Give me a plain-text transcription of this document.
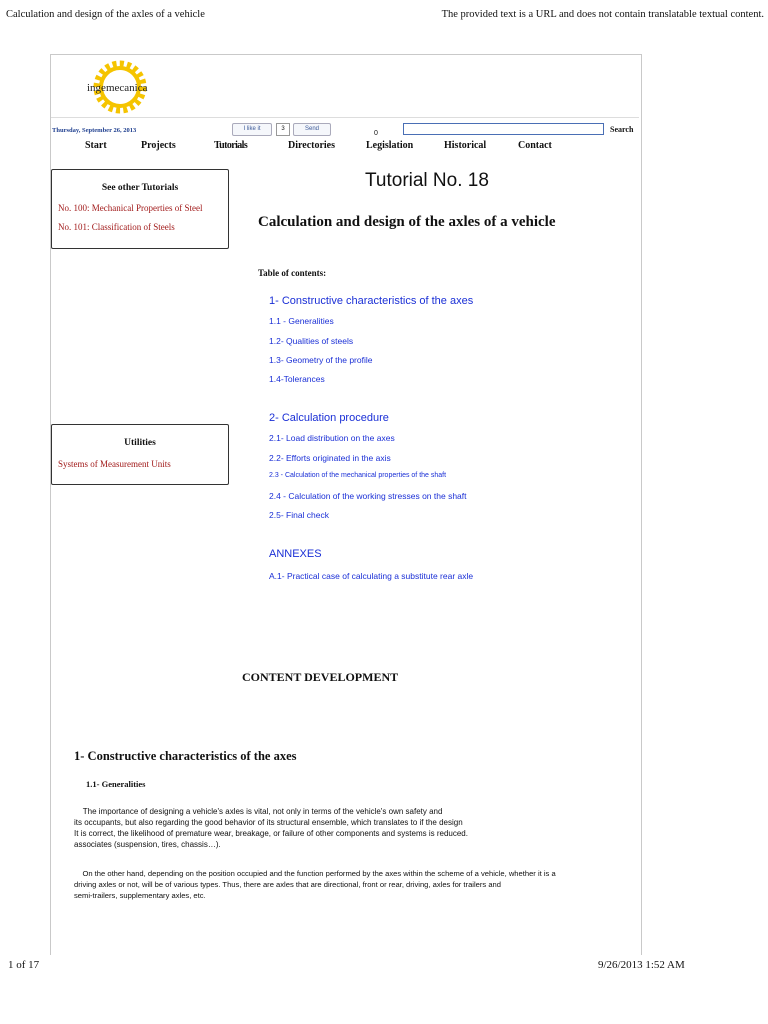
Calculation and design of the axles of a vehicle	The provided text is a URL and does not contain translatable textual content.
1 of 17	9/26/2013 1:52 AM
ingemecanica
Thursday, September 26, 2013	I like it	3	Send
0	Search
Start	Projects	Tutorials	Directories	Legislation	Historical	Contact
See other Tutorials
No. 100: Mechanical Properties of Steel
No. 101: Classification of Steels
Utilities
Systems of Measurement Units
Tutorial No. 18
Calculation and design of the axles of a vehicle
Table of contents:
1- Constructive characteristics of the axes
1.1 - Generalities
1.2- Qualities of steels
1.3- Geometry of the profile
1.4-Tolerances
2- Calculation procedure
2.1- Load distribution on the axes
2.2- Efforts originated in the axis
2.3 - Calculation of the mechanical properties of the shaft
2.4 - Calculation of the working stresses on the shaft
2.5- Final check
ANNEXES
A.1- Practical case of calculating a substitute rear axle
CONTENT DEVELOPMENT
1- Constructive characteristics of the axes
1.1- Generalities
The importance of designing a vehicle's axles is vital, not only in terms of the vehicle's own safety and
its occupants, but also regarding the good behavior of its structural ensemble, which translates to if the design
It is correct, the likelihood of premature wear, breakage, or failure of other components and systems is reduced.
associates (suspension, tires, chassis…).
On the other hand, depending on the position occupied and the function performed by the axes within the scheme of a vehicle, whether it is a
driving axles or not, will be of various types. Thus, there are axles that are directional, front or rear, driving, axles for trailers and
semi-trailers, supplementary axles, etc.
